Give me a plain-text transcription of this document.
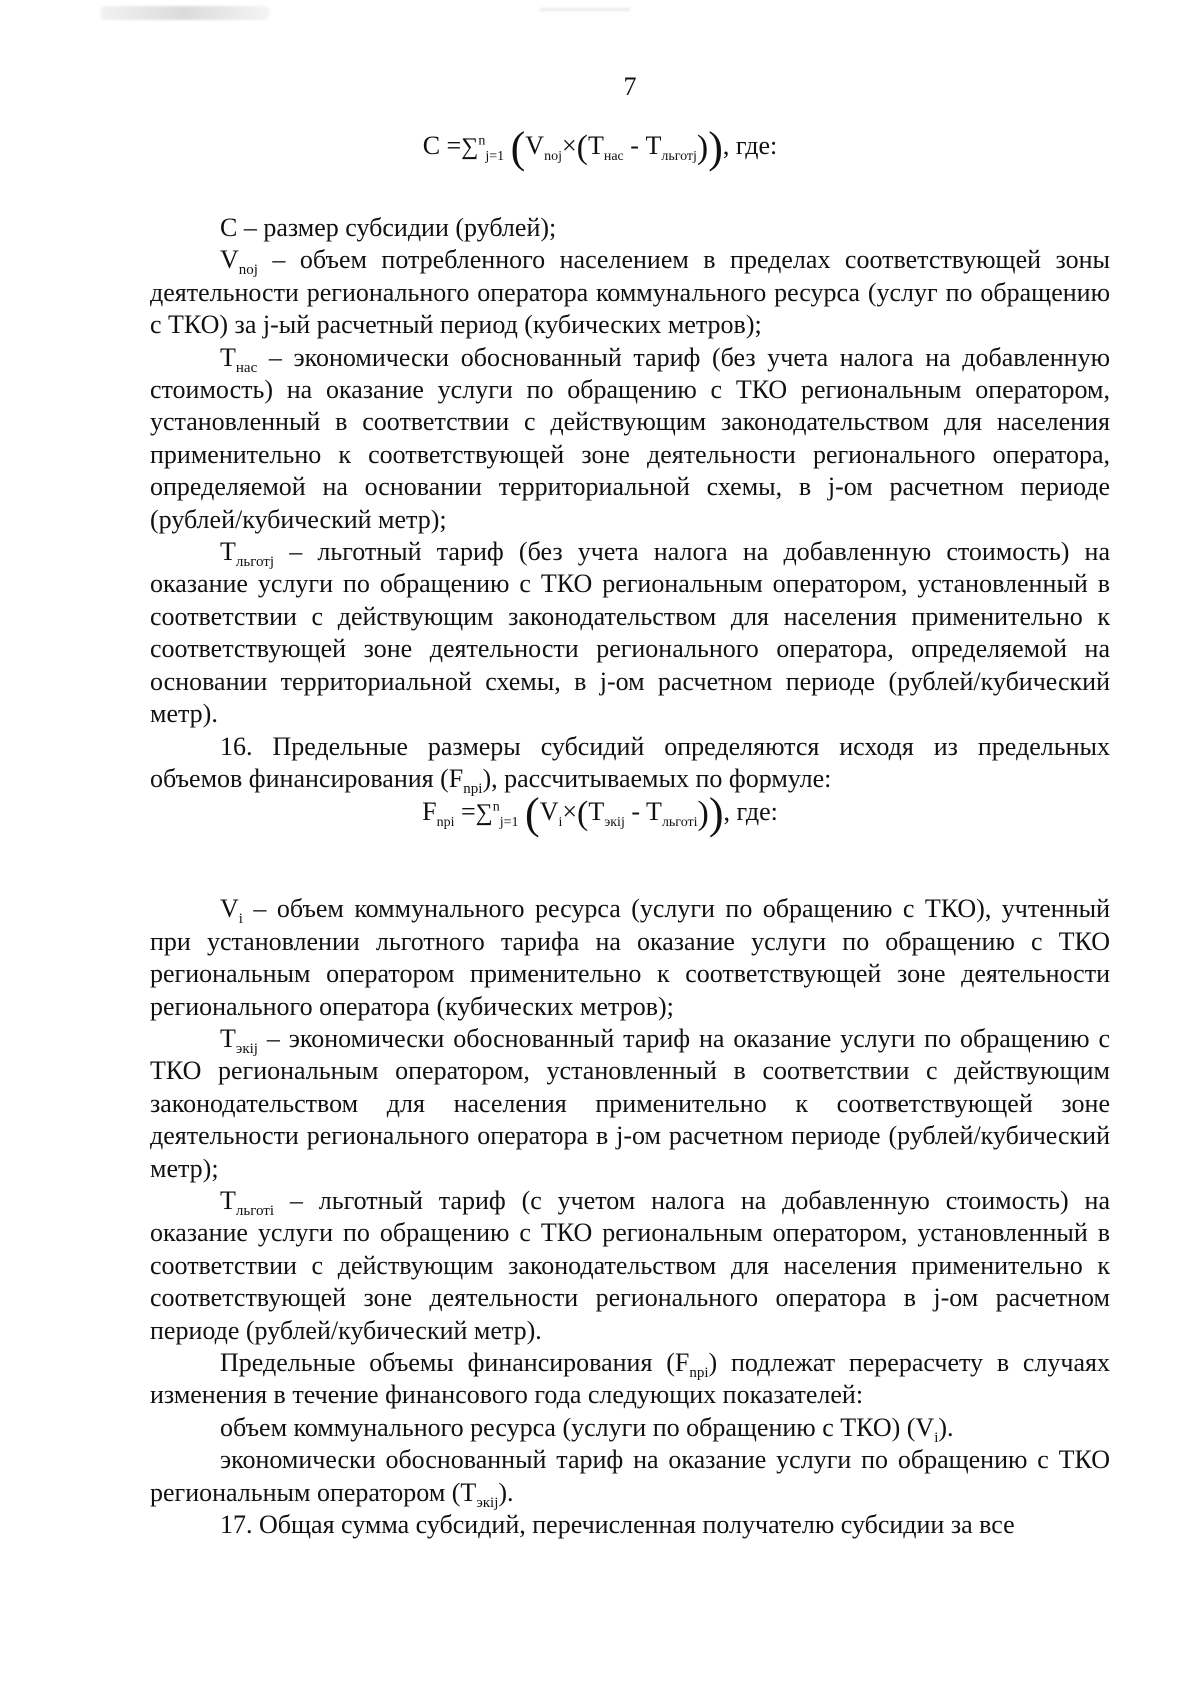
7
C =∑$^n_{j=1}$ $(V_{noj}\times(T_{нас} - T_{льготj}))$, где:

С – размер субсидии (рублей);

$V_{noj}$ – объем потребленного населением в пределах соответствующей зоны деятельности регионального оператора коммунального ресурса (услуг по обращению с ТКО) за j-ый расчетный период (кубических метров);

$T_{нас}$ – экономически обоснованный тариф (без учета налога на добавленную стоимость) на оказание услуги по обращению с ТКО региональным оператором, установленный в соответствии с действующим законодательством для населения применительно к соответствующей зоне деятельности регионального оператора, определяемой на основании территориальной схемы, в j-ом расчетном периоде (рублей/кубический метр);

$T_{льготj}$ – льготный тариф (без учета налога на добавленную стоимость) на оказание услуги по обращению с ТКО региональным оператором, установленный в соответствии с действующим законодательством для населения применительно к соответствующей зоне деятельности регионального оператора, определяемой на основании территориальной схемы, в j-ом расчетном периоде (рублей/кубический метр).

16. Предельные размеры субсидий определяются исходя из предельных объемов финансирования $(F_{npi})$, рассчитываемых по формуле:

$V_i$ – объем коммунального ресурса (услуги по обращению с ТКО), учтенный при установлении льготного тарифа на оказание услуги по обращению с ТКО региональным оператором применительно к соответствующей зоне деятельности регионального оператора (кубических метров);

$T_{экij}$ – экономически обоснованный тариф на оказание услуги по обращению с ТКО региональным оператором, установленный в соответствии с действующим законодательством для населения применительно к соответствующей зоне деятельности регионального оператора в j-ом расчетном периоде (рублей/кубический метр);

$T_{льготi}$ – льготный тариф (с учетом налога на добавленную стоимость) на оказание услуги по обращению с ТКО региональным оператором, установленный в соответствии с действующим законодательством для населения применительно к соответствующей зоне деятельности регионального оператора в j-ом расчетном периоде (рублей/кубический метр).

Предельные объемы финансирования $(F_{npi})$ подлежат перерасчету в случаях изменения в течение финансового года следующих показателей:

объем коммунального ресурса (услуги по обращению с ТКО) $(V_i)$.

экономически обоснованный тариф на оказание услуги по обращению с ТКО региональным оператором $(T_{экij})$.

17. Общая сумма субсидий, перечисленная получателю субсидии за все

$F_{npi} =\sum^n_{j=1}$ $(V_i\times(T_{экij} - T_{льготi}))$, где:
